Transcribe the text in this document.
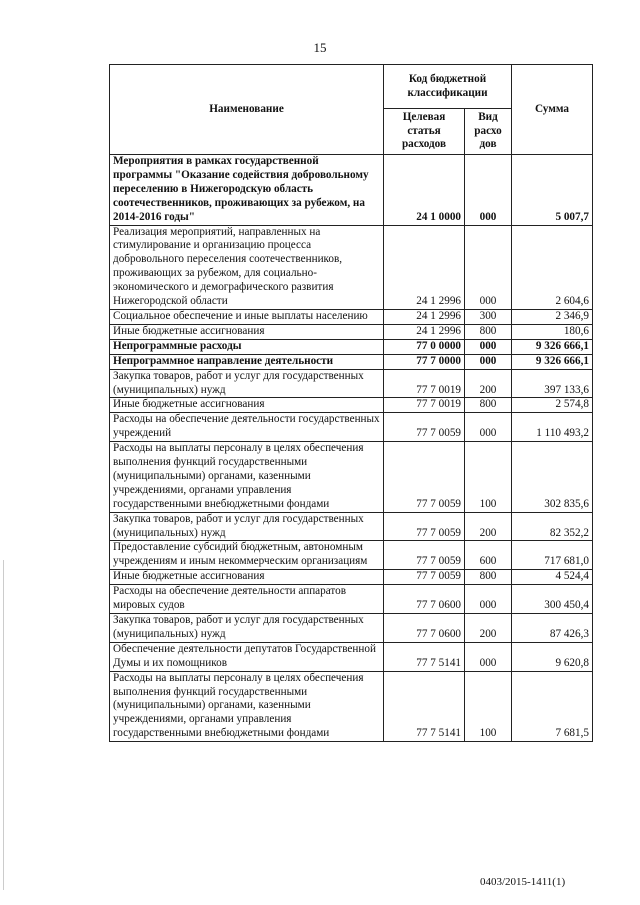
15
Наименование	Код бюджетной классификации		Сумма
	Целевая статья расходов	Вид расхо дов	
Мероприятия в рамках государственной программы "Оказание содействия добровольному переселению в Нижегородскую область соотечественников, проживающих за рубежом, на 2014-2016 годы"	24 1 0000	000	5 007,7
Реализация мероприятий, направленных на стимулирование и организацию процесса добровольного переселения соотечественников, проживающих за рубежом, для социально-экономического и демографического развития Нижегородской области	24 1 2996	000	2 604,6
Социальное обеспечение и иные выплаты населению	24 1 2996	300	2 346,9
Иные бюджетные ассигнования	24 1 2996	800	180,6
Непрограммные расходы	77 0 0000	000	9 326 666,1
Непрограммное направление деятельности	77 7 0000	000	9 326 666,1
Закупка товаров, работ и услуг для государственных (муниципальных) нужд	77 7 0019	200	397 133,6
Иные бюджетные ассигнования	77 7 0019	800	2 574,8
Расходы на обеспечение деятельности государственных учреждений	77 7 0059	000	1 110 493,2
Расходы на выплаты персоналу в целях обеспечения выполнения функций государственными (муниципальными) органами, казенными учреждениями, органами управления государственными внебюджетными фондами	77 7 0059	100	302 835,6
Закупка товаров, работ и услуг для государственных (муниципальных) нужд	77 7 0059	200	82 352,2
Предоставление субсидий бюджетным, автономным учреждениям и иным некоммерческим организациям	77 7 0059	600	717 681,0
Иные бюджетные ассигнования	77 7 0059	800	4 524,4
Расходы на обеспечение деятельности аппаратов мировых судов	77 7 0600	000	300 450,4
Закупка товаров, работ и услуг для государственных (муниципальных) нужд	77 7 0600	200	87 426,3
Обеспечение деятельности депутатов Государственной Думы и их помощников	77 7 5141	000	9 620,8
Расходы на выплаты персоналу в целях обеспечения выполнения функций государственными (муниципальными) органами, казенными учреждениями, органами управления государственными внебюджетными фондами	77 7 5141	100	7 681,5
0403/2015-1411(1)
